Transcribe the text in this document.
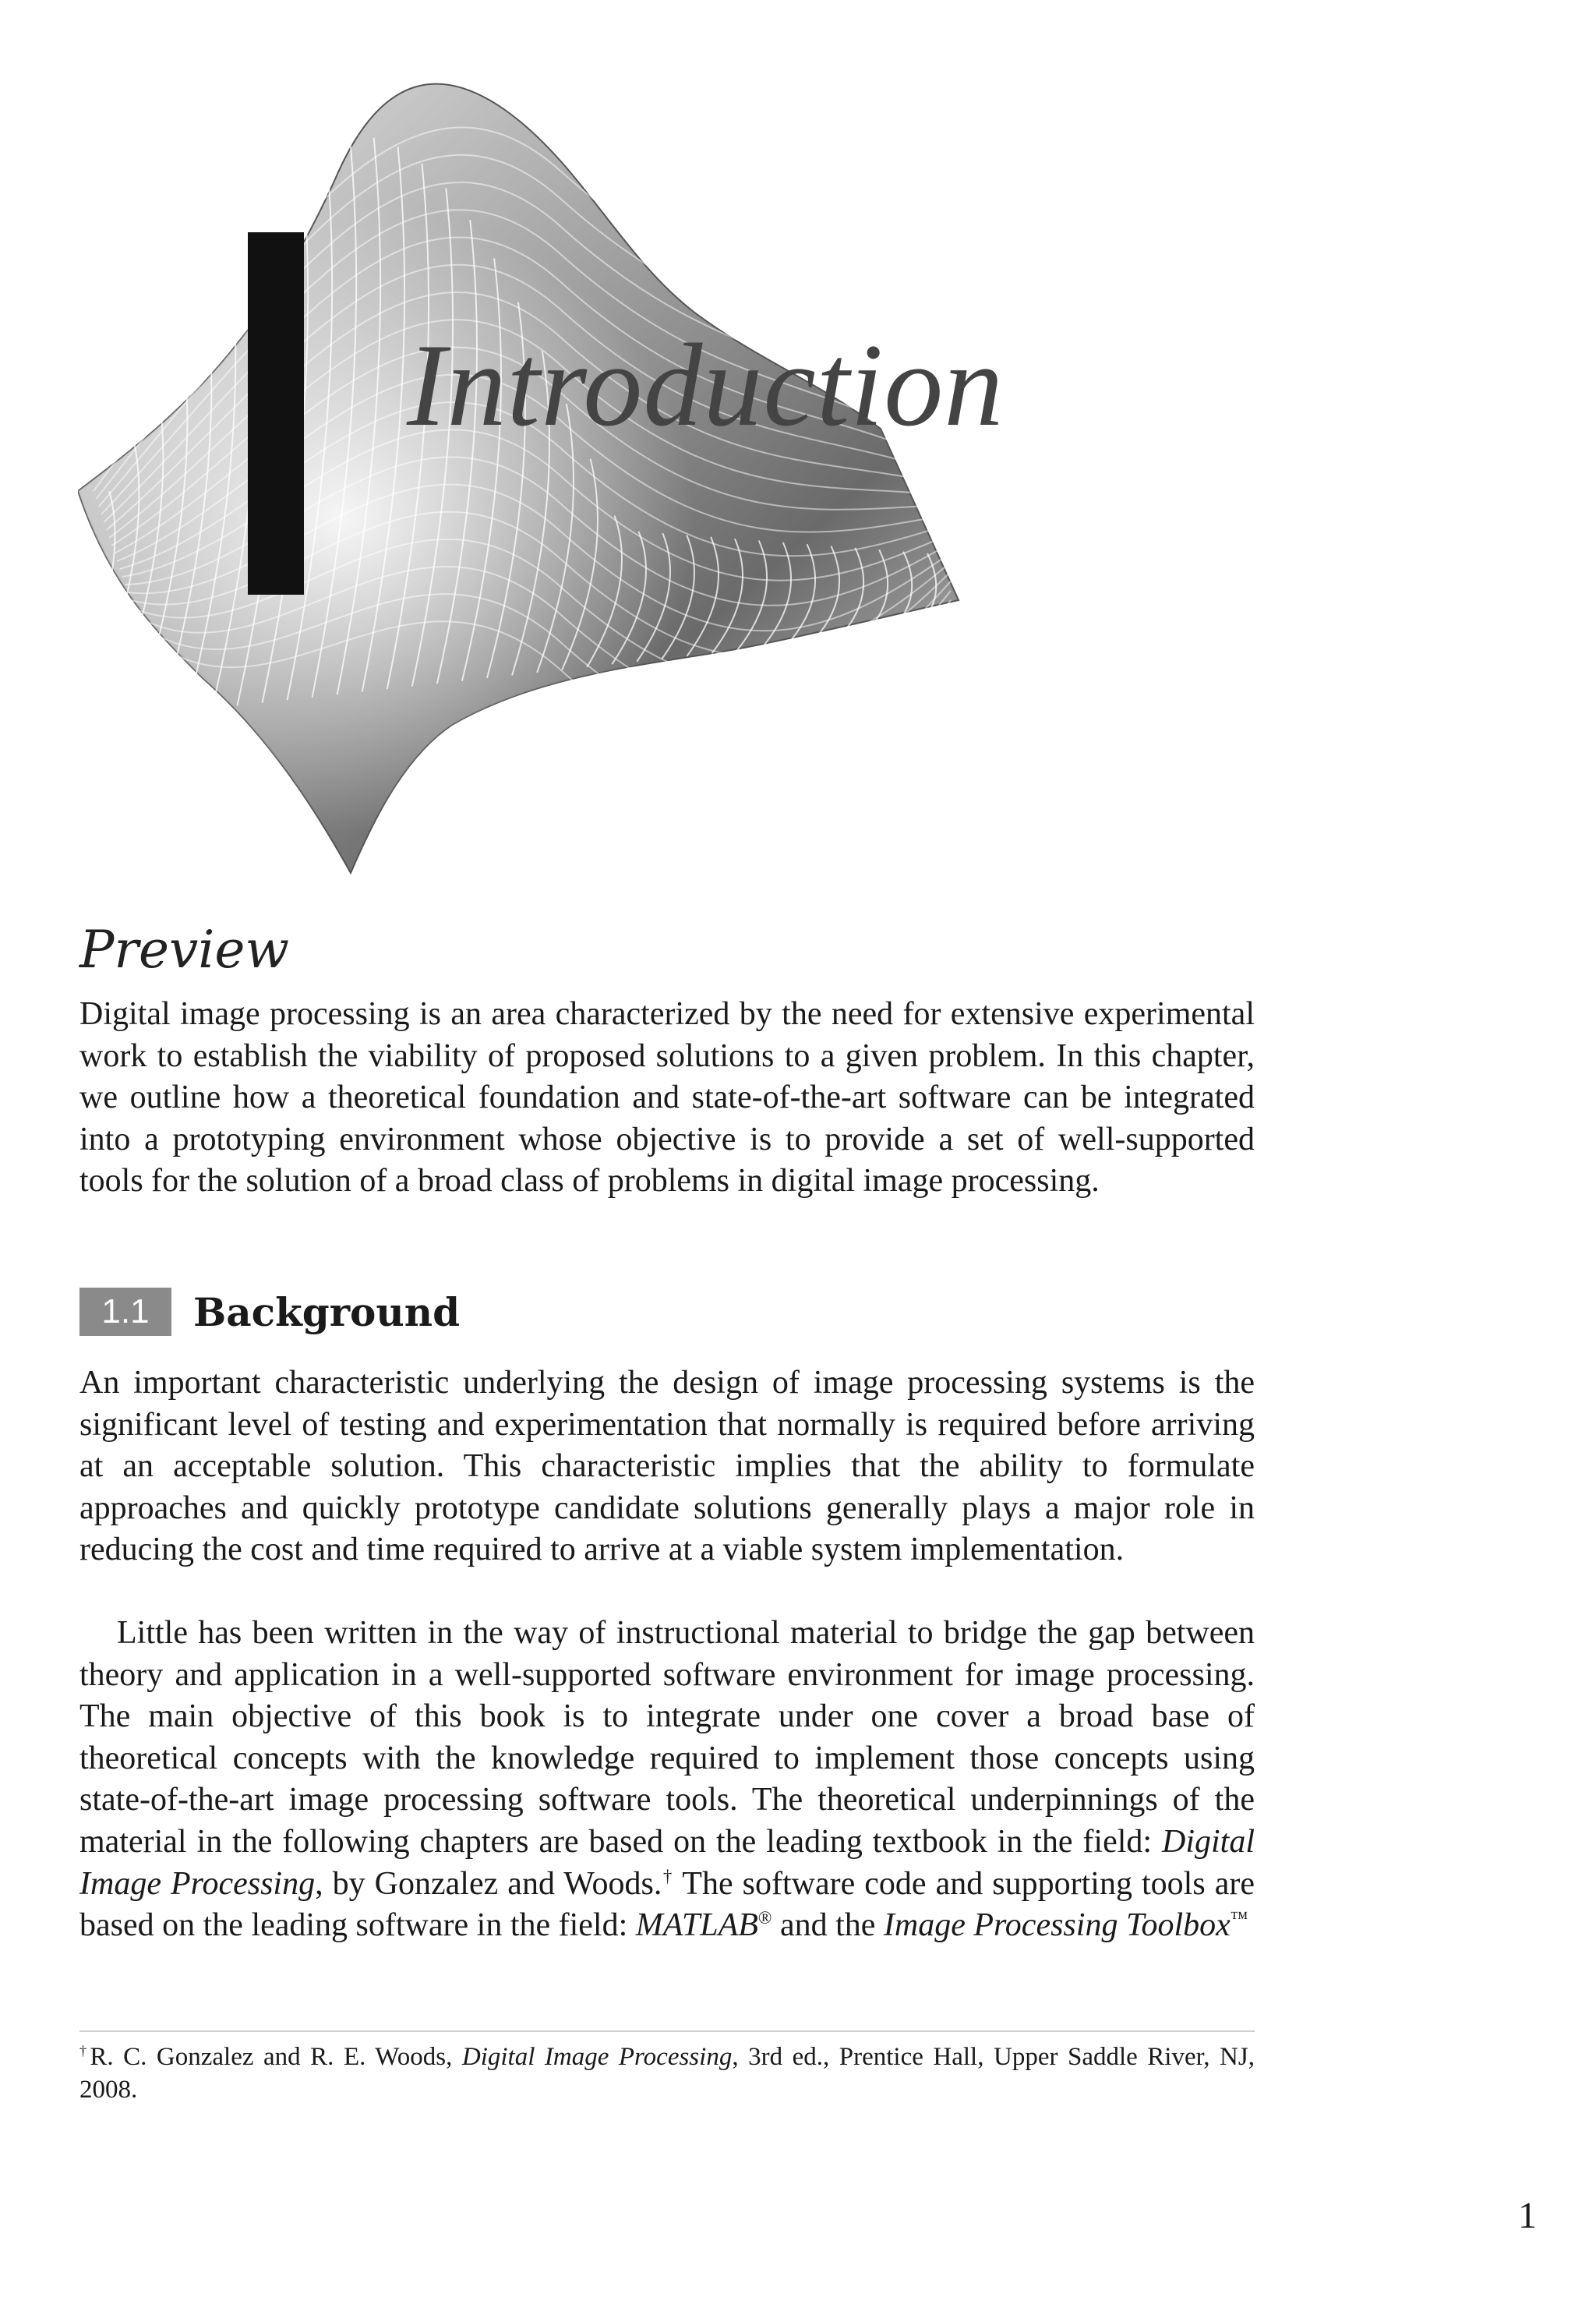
Introduction
Preview

Digital image processing is an area characterized by the need for extensive experimental work to establish the viability of proposed solutions to a given problem. In this chapter, we outline how a theoretical foundation and state-of-the-art software can be integrated into a prototyping environment whose objective is to provide a set of well-supported tools for the solution of a broad class of problems in digital image processing.

1.1	Background

An important characteristic underlying the design of image processing systems is the significant level of testing and experimentation that normally is required before arriving at an acceptable solution. This characteristic implies that the ability to formulate approaches and quickly prototype candidate solutions generally plays a major role in reducing the cost and time required to arrive at a viable system implementation.

Little has been written in the way of instructional material to bridge the gap between theory and application in a well-supported software environment for image processing. The main objective of this book is to integrate under one cover a broad base of theoretical concepts with the knowledge required to implement those concepts using state-of-the-art image processing software tools. The theoretical underpinnings of the material in the following chapters are based on the leading textbook in the field: Digital Image Processing, by Gonzalez and Woods.† The software code and supporting tools are based on the leading software in the field: MATLAB® and the Image Processing Toolbox™

†R. C. Gonzalez and R. E. Woods, Digital Image Processing, 3rd ed., Prentice Hall, Upper Saddle River, NJ, 2008.

1
